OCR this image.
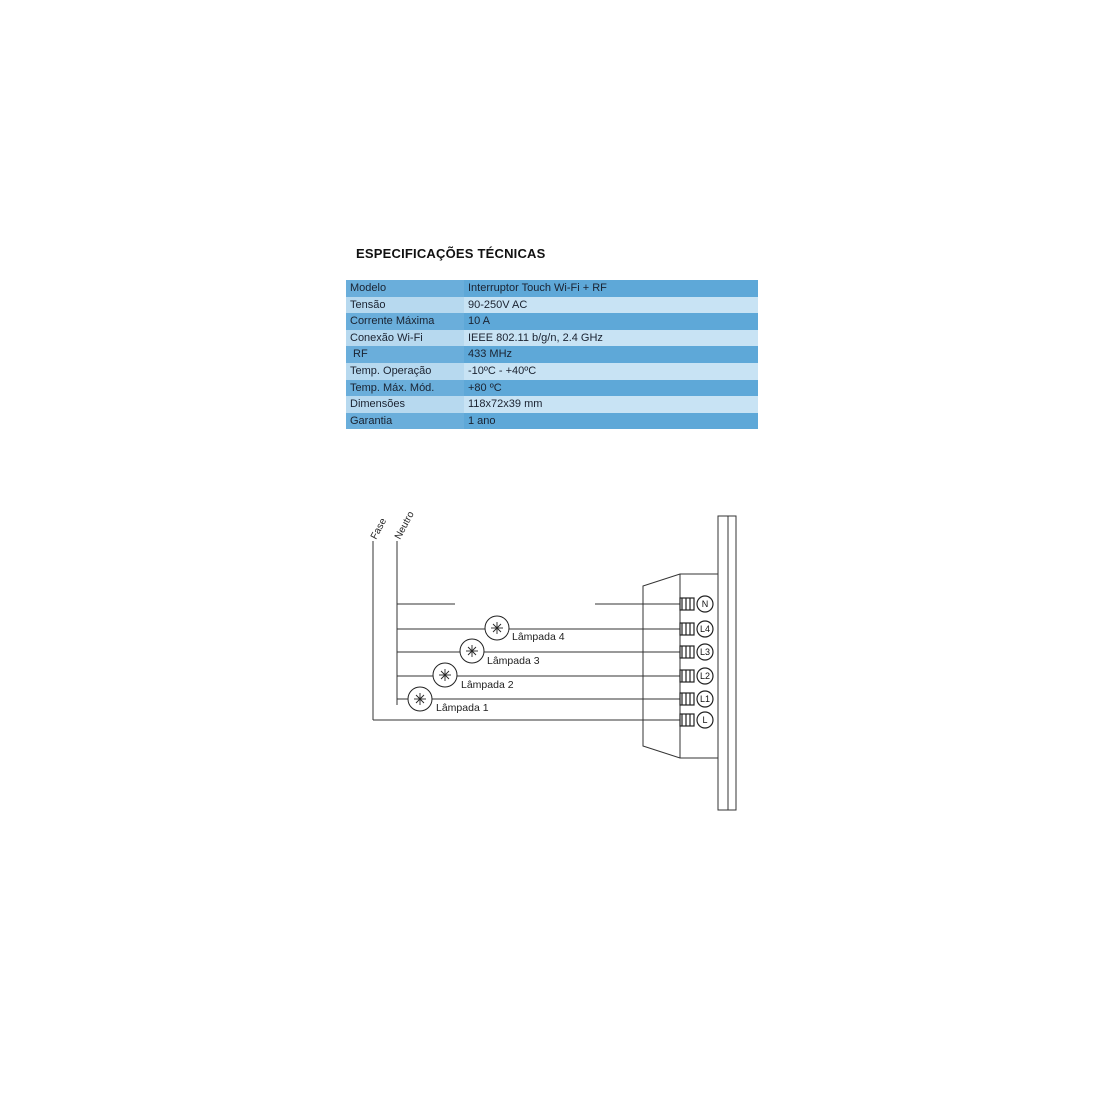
ESPECIFICAÇÕES TÉCNICAS
Modelo	Interruptor Touch Wi-Fi + RF
Tensão	90-250V AC
Corrente Máxima	10 A
Conexão Wi-Fi	IEEE 802.11 b/g/n, 2.4 GHz
RF	433 MHz
Temp. Operação	-10ºC - +40ºC
Temp. Máx. Mód.	+80 ºC
Dimensões	118x72x39 mm
Garantia	1 ano
N
L4
L3
L2
L1
L
Lâmpada 4
Lâmpada 3
Lâmpada 2
Lâmpada 1
Fase Neutro
